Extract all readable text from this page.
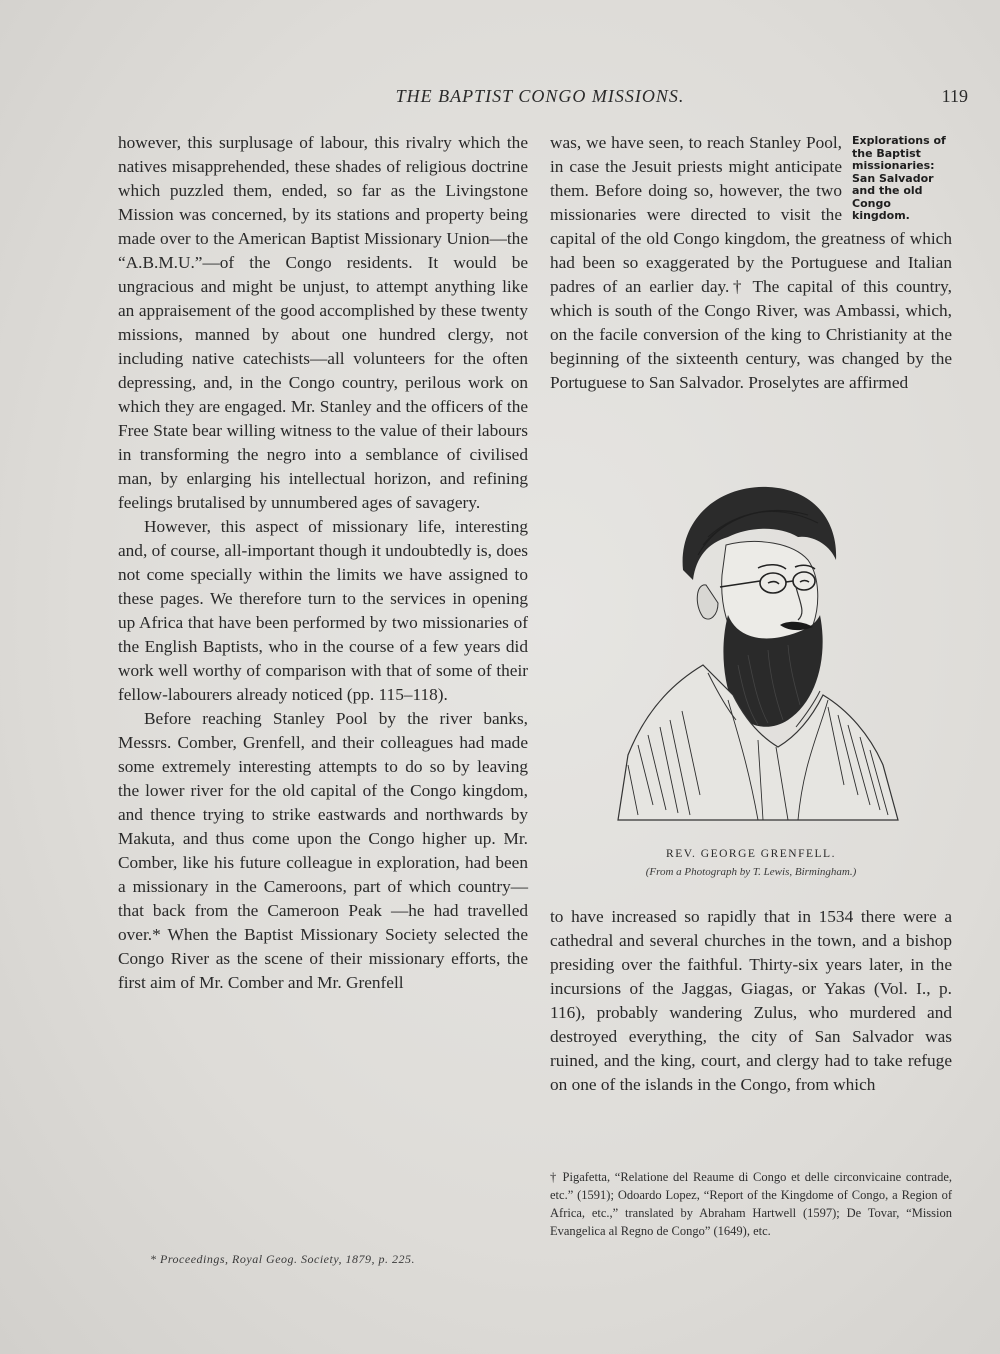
THE BAPTIST CONGO MISSIONS.	119

however, this surplusage of labour, this rivalry which the natives misapprehended, these shades of religious doctrine which puzzled them, ended, so far as the Livingstone Mission was concerned, by its stations and property being made over to the American Baptist Missionary Union—the “A.B.M.U.”—of the Congo residents. It would be ungracious and might be unjust, to attempt anything like an appraisement of the good accomplished by these twenty missions, manned by about one hundred clergy, not including native catechists—all volunteers for the often depressing, and, in the Congo country, perilous work on which they are engaged. Mr. Stanley and the officers of the Free State bear willing witness to the value of their labours in transforming the negro into a semblance of civilised man, by enlarging his intellectual horizon, and refining feelings brutalised by unnumbered ages of savagery.

However, this aspect of missionary life, interesting and, of course, all-important though it undoubtedly is, does not come specially within the limits we have assigned to these pages. We therefore turn to the services in opening up Africa that have been performed by two missionaries of the English Baptists, who in the course of a few years did work well worthy of comparison with that of some of their fellow-labourers already noticed (pp. 115–118).

Before reaching Stanley Pool by the river banks, Messrs. Comber, Grenfell, and their colleagues had made some extremely interesting attempts to do so by leaving the lower river for the old capital of the Congo kingdom, and thence trying to strike eastwards and northwards by Makuta, and thus come upon the Congo higher up. Mr. Comber, like his future colleague in exploration, had been a missionary in the Cameroons, part of which country—that back from the Cameroon Peak —he had travelled over.* When the Baptist Missionary Society selected the Congo River as the scene of their missionary efforts, the first aim of Mr. Comber and Mr. Grenfell

* Proceedings, Royal Geog. Society, 1879, p. 225.
Explorations of the Baptist missionaries: San Salvador and the old Congo kingdom.

was, we have seen, to reach Stanley Pool, in case the Jesuit priests might anticipate them. Before doing so, however, the two missionaries were directed to visit the capital of the old Congo kingdom, the greatness of which had been so exaggerated by the Portuguese and Italian padres of an earlier day.† The capital of this country, which is south of the Congo River, was Ambassi, which, on the facile conversion of the king to Christianity at the beginning of the sixteenth century, was changed by the Portuguese to San Salvador. Proselytes are affirmed

REV. GEORGE GRENFELL.
(From a Photograph by T. Lewis, Birmingham.)

to have increased so rapidly that in 1534 there were a cathedral and several churches in the town, and a bishop presiding over the faithful. Thirty-six years later, in the incursions of the Jaggas, Giagas, or Yakas (Vol. I., p. 116), probably wandering Zulus, who murdered and destroyed everything, the city of San Salvador was ruined, and the king, court, and clergy had to take refuge on one of the islands in the Congo, from which

† Pigafetta, “Relatione del Reaume di Congo et delle circonvicaine contrade, etc.” (1591); Odoardo Lopez, “Report of the Kingdome of Congo, a Region of Africa, etc.,” translated by Abraham Hartwell (1597); De Tovar, “Mission Evangelica al Regno de Congo” (1649), etc.
